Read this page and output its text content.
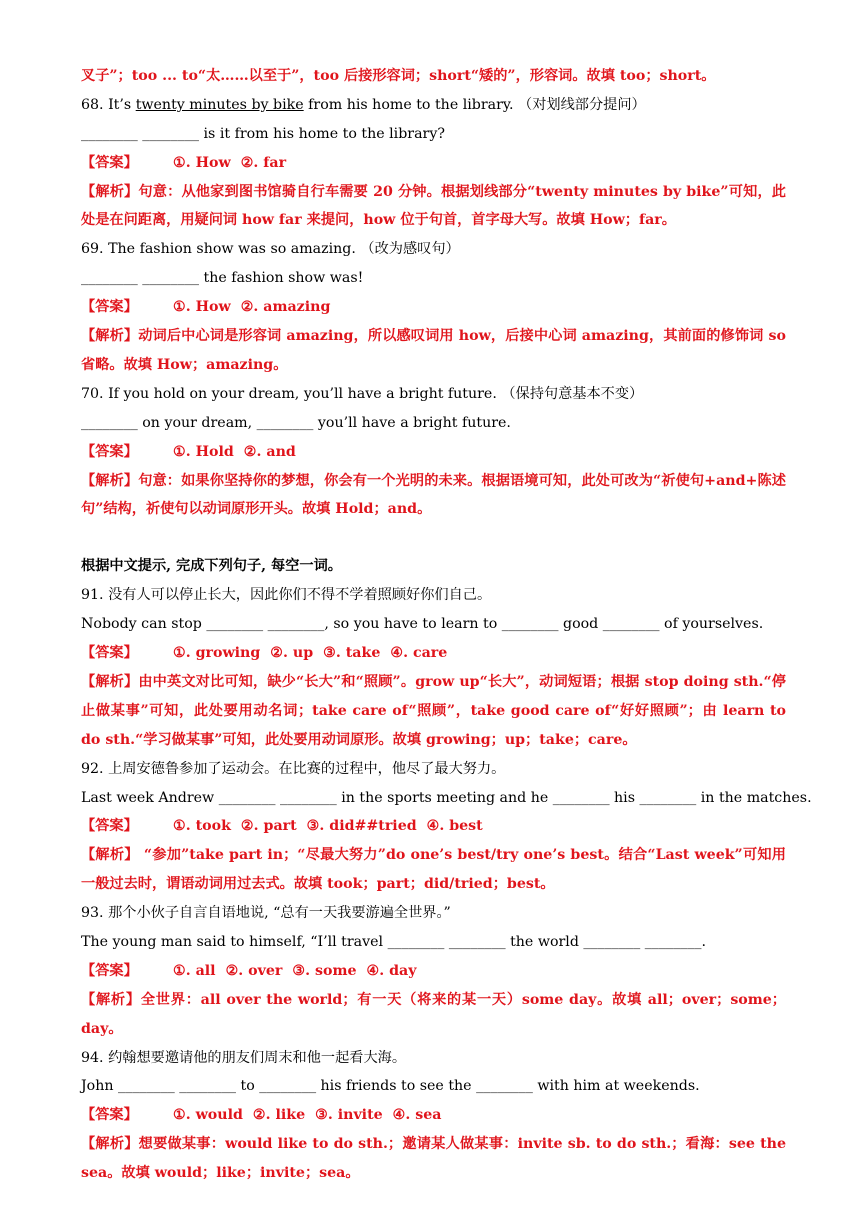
叉子”；too ... to“太……以至于”，too 后接形容词；short“矮的”，形容词。故填 too；short。
68. It’s twenty minutes by bike from his home to the library. （对划线部分提问）
________ ________ is it from his home to the library?
【答案】 ①. How ②. far
【解析】句意：从他家到图书馆骑自行车需要 20 分钟。根据划线部分“twenty minutes by bike”可知，此处是在问距离，用疑问词 how far 来提问，how 位于句首，首字母大写。故填 How；far。
69. The fashion show was so amazing. （改为感叹句）
________ ________ the fashion show was!
【答案】 ①. How ②. amazing
【解析】动词后中心词是形容词 amazing，所以感叹词用 how，后接中心词 amazing，其前面的修饰词 so 省略。故填 How；amazing。
70. If you hold on your dream, you’ll have a bright future. （保持句意基本不变）
________ on your dream, ________ you’ll have a bright future.
【答案】 ①. Hold ②. and
【解析】句意：如果你坚持你的梦想，你会有一个光明的未来。根据语境可知，此处可改为“祈使句+and+陈述句”结构，祈使句以动词原形开头。故填 Hold；and。
根据中文提示, 完成下列句子, 每空一词。
91. 没有人可以停止长大，因此你们不得不学着照顾好你们自己。
Nobody can stop ________ ________, so you have to learn to ________ good ________ of yourselves.
【答案】 ①. growing ②. up ③. take ④. care
【解析】由中英文对比可知，缺少“长大”和“照顾”。grow up“长大”，动词短语；根据 stop doing sth.“停止做某事”可知，此处要用动名词；take care of“照顾”，take good care of“好好照顾”；由 learn to do sth.“学习做某事”可知，此处要用动词原形。故填 growing；up；take；care。
92. 上周安德鲁参加了运动会。在比赛的过程中，他尽了最大努力。
Last week Andrew ________ ________ in the sports meeting and he ________ his ________ in the matches.
【答案】 ①. took ②. part ③. did##tried ④. best
【解析】 “参加”take part in；“尽最大努力”do one’s best/try one’s best。结合“Last week”可知用一般过去时，谓语动词用过去式。故填 took；part；did/tried；best。
93. 那个小伙子自言自语地说, “总有一天我要游遍全世界。”
The young man said to himself, “I’ll travel ________ ________ the world ________ ________.
【答案】 ①. all ②. over ③. some ④. day
【解析】全世界：all over the world；有一天（将来的某一天）some day。故填 all；over；some；day。
94. 约翰想要邀请他的朋友们周末和他一起看大海。
John ________ ________ to ________ his friends to see the ________ with him at weekends.
【答案】 ①. would ②. like ③. invite ④. sea
【解析】想要做某事：would like to do sth.；邀请某人做某事：invite sb. to do sth.；看海：see the sea。故填 would；like；invite；sea。
